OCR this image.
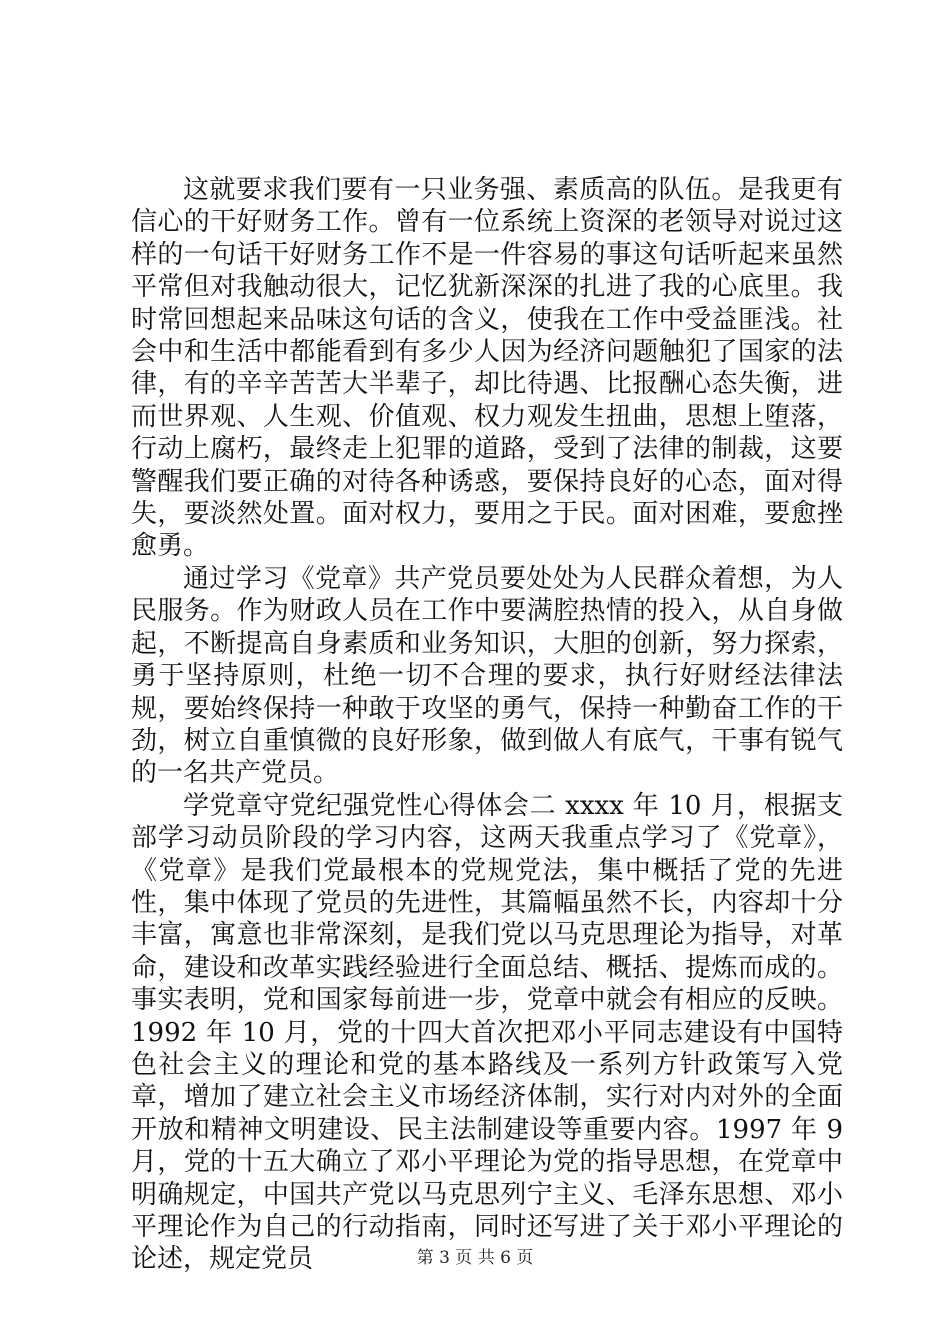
这就要求我们要有一只业务强、素质高的队伍。是我更有信心的干好财务工作。曾有一位系统上资深的老领导对说过这样的一句话干好财务工作不是一件容易的事这句话听起来虽然平常但对我触动很大，记忆犹新深深的扎进了我的心底里。我时常回想起来品味这句话的含义，使我在工作中受益匪浅。社会中和生活中都能看到有多少人因为经济问题触犯了国家的法律，有的辛辛苦苦大半辈子，却比待遇、比报酬心态失衡，进而世界观、人生观、价值观、权力观发生扭曲，思想上堕落，行动上腐朽，最终走上犯罪的道路，受到了法律的制裁，这要警醒我们要正确的对待各种诱惑，要保持良好的心态，面对得失，要淡然处置。面对权力，要用之于民。面对困难，要愈挫愈勇。

通过学习《党章》共产党员要处处为人民群众着想，为人民服务。作为财政人员在工作中要满腔热情的投入，从自身做起，不断提高自身素质和业务知识，大胆的创新，努力探索，勇于坚持原则，杜绝一切不合理的要求，执行好财经法律法规，要始终保持一种敢于攻坚的勇气，保持一种勤奋工作的干劲，树立自重慎微的良好形象，做到做人有底气，干事有锐气的一名共产党员。

学党章守党纪强党性心得体会二 xxxx 年 10 月，根据支部学习动员阶段的学习内容，这两天我重点学习了《党章》，《党章》是我们党最根本的党规党法，集中概括了党的先进性，集中体现了党员的先进性，其篇幅虽然不长，内容却十分丰富，寓意也非常深刻，是我们党以马克思理论为指导，对革命，建设和改革实践经验进行全面总结、概括、提炼而成的。事实表明，党和国家每前进一步，党章中就会有相应的反映。1992 年 10 月，党的十四大首次把邓小平同志建设有中国特色社会主义的理论和党的基本路线及一系列方针政策写入党章，增加了建立社会主义市场经济体制，实行对内对外的全面开放和精神文明建设、民主法制建设等重要内容。1997 年 9 月，党的十五大确立了邓小平理论为党的指导思想，在党章中明确规定，中国共产党以马克思列宁主义、毛泽东思想、邓小平理论作为自己的行动指南，同时还写进了关于邓小平理论的论述，规定党员	第 3 页 共 6 页
